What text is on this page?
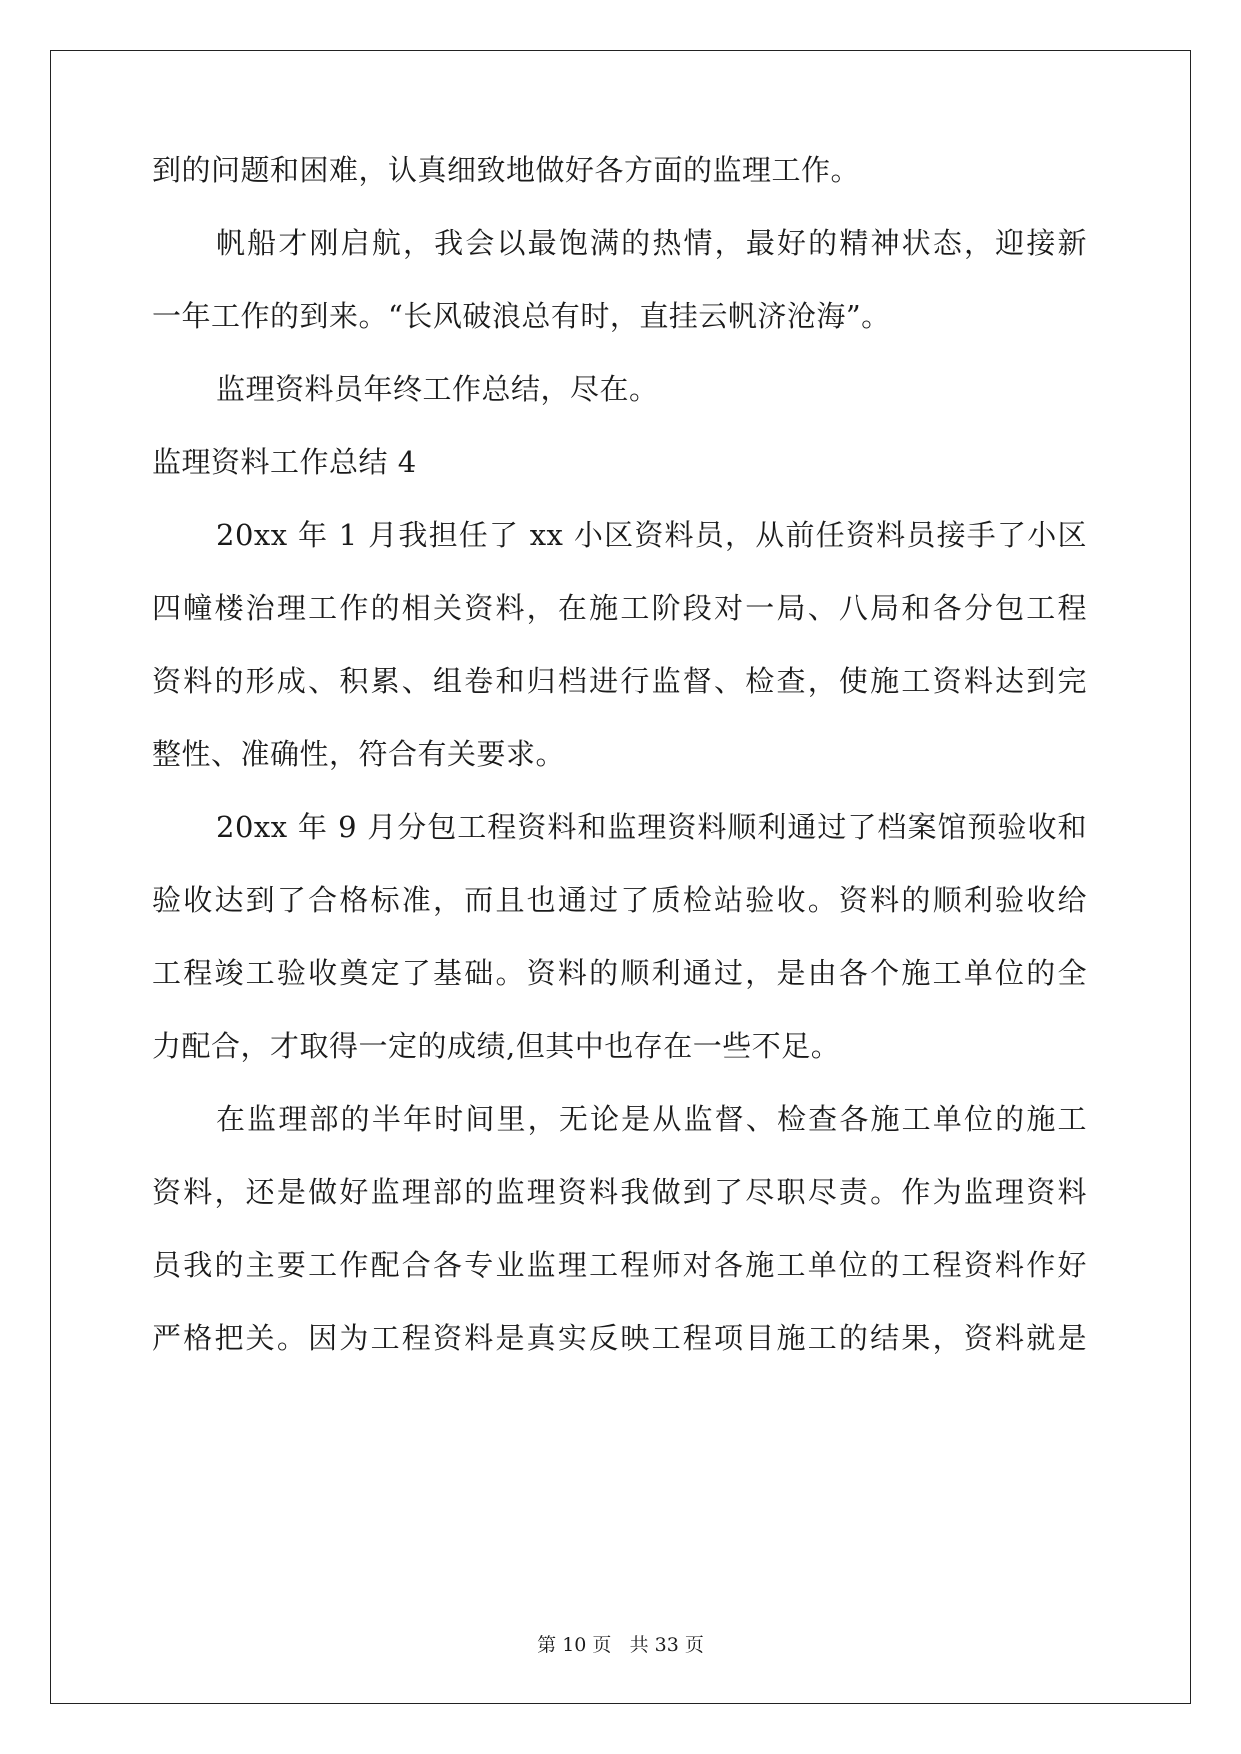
到的问题和困难，认真细致地做好各方面的监理工作。
帆船才刚启航，我会以最饱满的热情，最好的精神状态，迎接新
一年工作的到来。“长风破浪总有时，直挂云帆济沧海”。
监理资料员年终工作总结，尽在。
监理资料工作总结 4
20xx 年 1 月我担任了 xx 小区资料员，从前任资料员接手了小区
四幢楼治理工作的相关资料，在施工阶段对一局、八局和各分包工程
资料的形成、积累、组卷和归档进行监督、检查，使施工资料达到完
整性、准确性，符合有关要求。
20xx 年 9 月分包工程资料和监理资料顺利通过了档案馆预验收和
验收达到了合格标准，而且也通过了质检站验收。资料的顺利验收给
工程竣工验收奠定了基础。资料的顺利通过，是由各个施工单位的全
力配合，才取得一定的成绩,但其中也存在一些不足。
在监理部的半年时间里，无论是从监督、检查各施工单位的施工
资料，还是做好监理部的监理资料我做到了尽职尽责。作为监理资料
员我的主要工作配合各专业监理工程师对各施工单位的工程资料作好
严格把关。因为工程资料是真实反映工程项目施工的结果，资料就是
第 10 页 共 33 页
